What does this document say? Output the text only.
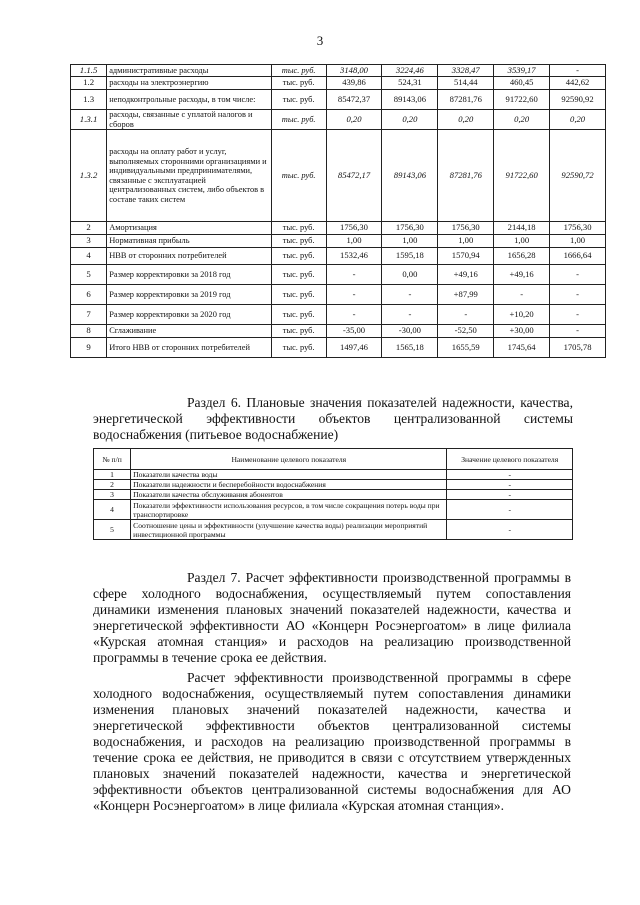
3
1.1.5	административные расходы	тыс. руб.	3148,00	3224,46	3328,47	3539,17	-
1.2	расходы на электроэнергию	тыс. руб.	439,86	524,31	514,44	460,45	442,62
1.3	неподконтрольные расходы, в том числе:	тыс. руб.	85472,37	89143,06	87281,76	91722,60	92590,92
1.3.1	расходы, связанные с уплатой налогов и сборов	тыс. руб.	0,20	0,20	0,20	0,20	0,20
1.3.2	расходы на оплату работ и услуг, выполняемых сторонними организациями и индивидуальными предпринимателями, связанные с эксплуатацией централизованных систем, либо объектов в составе таких систем	тыс. руб.	85472,17	89143,06	87281,76	91722,60	92590,72
2	Амортизация	тыс. руб.	1756,30	1756,30	1756,30	2144,18	1756,30
3	Нормативная прибыль	тыс. руб.	1,00	1,00	1,00	1,00	1,00
4	НВВ от сторонних потребителей	тыс. руб.	1532,46	1595,18	1570,94	1656,28	1666,64
5	Размер корректировки за 2018 год	тыс. руб.	-	0,00	+49,16	+49,16	-
6	Размер корректировки за 2019 год	тыс. руб.	-	-	+87,99	-	-
7	Размер корректировки за 2020 год	тыс. руб.	-	-	-	+10,20	-
8	Сглаживание	тыс. руб.	-35,00	-30,00	-52,50	+30,00	-
9	Итого НВВ от сторонних потребителей	тыс. руб.	1497,46	1565,18	1655,59	1745,64	1705,78
Раздел 6. Плановые значения показателей надежности, качества, энергетической эффективности объектов централизованной системы водоснабжения (питьевое водоснабжение)
№ п/п	Наименование целевого показателя	Значение целевого показателя
1	Показатели качества воды	-
2	Показатели надежности и бесперебойности водоснабжения	-
3	Показатели качества обслуживания абонентов	-
4	Показатели эффективности использования ресурсов, в том числе сокращения потерь воды при транспортировке	-
5	Соотношение цены и эффективности (улучшение качества воды) реализации мероприятий инвестиционной программы	-
Раздел 7. Расчет эффективности производственной программы в сфере холодного водоснабжения, осуществляемый путем сопоставления динамики изменения плановых значений показателей надежности, качества и энергетической эффективности АО «Концерн Росэнергоатом» в лице филиала «Курская атомная станция» и расходов на реализацию производственной программы в течение срока ее действия.
Расчет эффективности производственной программы в сфере холодного водоснабжения, осуществляемый путем сопоставления динамики изменения плановых значений показателей надежности, качества и энергетической эффективности объектов централизованной системы водоснабжения, и расходов на реализацию производственной программы в течение срока ее действия, не приводится в связи с отсутствием утвержденных плановых значений показателей надежности, качества и энергетической эффективности объектов централизованной системы водоснабжения для АО «Концерн Росэнергоатом» в лице филиала «Курская атомная станция».
